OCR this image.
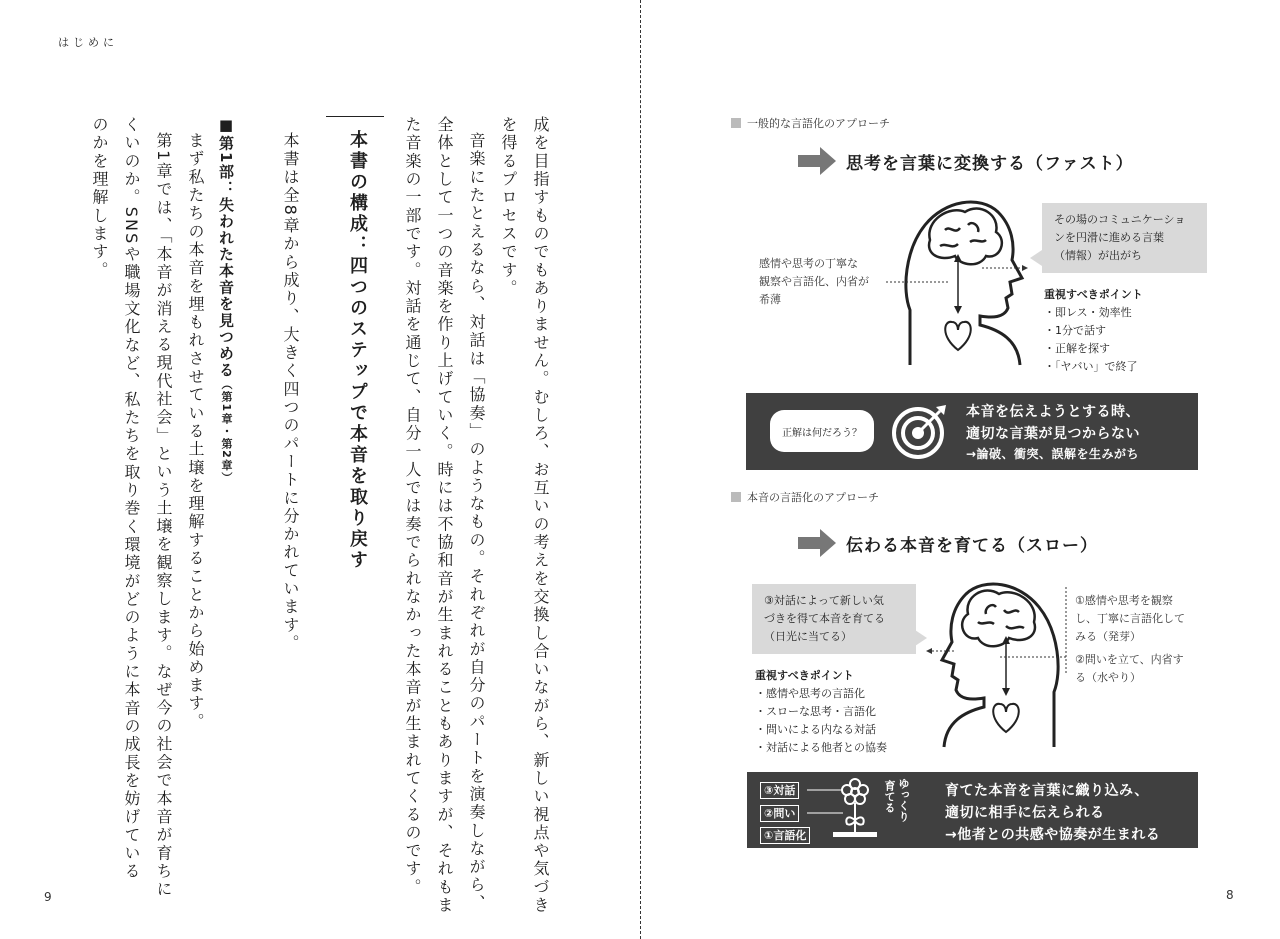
はじめに
成を目指すものでもありません。むしろ、お互いの考えを交換し合いながら、新しい視点や気づき
を得るプロセスです。
音楽にたとえるなら、対話は「協奏」のようなもの。それぞれが自分のパートを演奏しながら、
全体として一つの音楽を作り上げていく。時には不協和音が生まれることもありますが、それもま
た音楽の一部です。対話を通じて、自分一人では奏でられなかった本音が生まれてくるのです。
本書の構成：四つのステップで本音を取り戻す
本書は全8章から成り、大きく四つのパートに分かれています。
■第1部：失われた本音を見つめる（第1章・第2章）
まず私たちの本音を埋もれさせている土壌を理解することから始めます。
第1章では、「本音が消える現代社会」という土壌を観察します。なぜ今の社会で本音が育ちに
くいのか。SNSや職場文化など、私たちを取り巻く環境がどのように本音の成長を妨げている
のかを理解します。
9
一般的な言語化のアプローチ
思考を言葉に変換する（ファスト）
感情や思考の丁寧な
観察や言語化、内省が
希薄
その場のコミュニケーショ
ンを円滑に進める言葉
（情報）が出がち
重視すべきポイント
・即レス・効率性
・1分で話す
・正解を探す
・「ヤバい」で終了
正解は何だろう？
本音を伝えようとする時、
適切な言葉が見つからない
→論破、衝突、誤解を生みがち
本音の言語化のアプローチ
伝わる本音を育てる（スロー）
③対話によって新しい気
づきを得て本音を育てる
（日光に当てる）
①感情や思考を観察
し、丁寧に言語化して
みる（発芽）
②問いを立て、内省す
る（水やり）
重視すべきポイント
・感情や思考の言語化
・スローな思考・言語化
・問いによる内なる対話
・対話による他者との協奏
③対話
②問い
①言語化
育てる ゆっくり	育てた本音を言葉に織り込み、
適切に相手に伝えられる
→他者との共感や協奏が生まれる
8
